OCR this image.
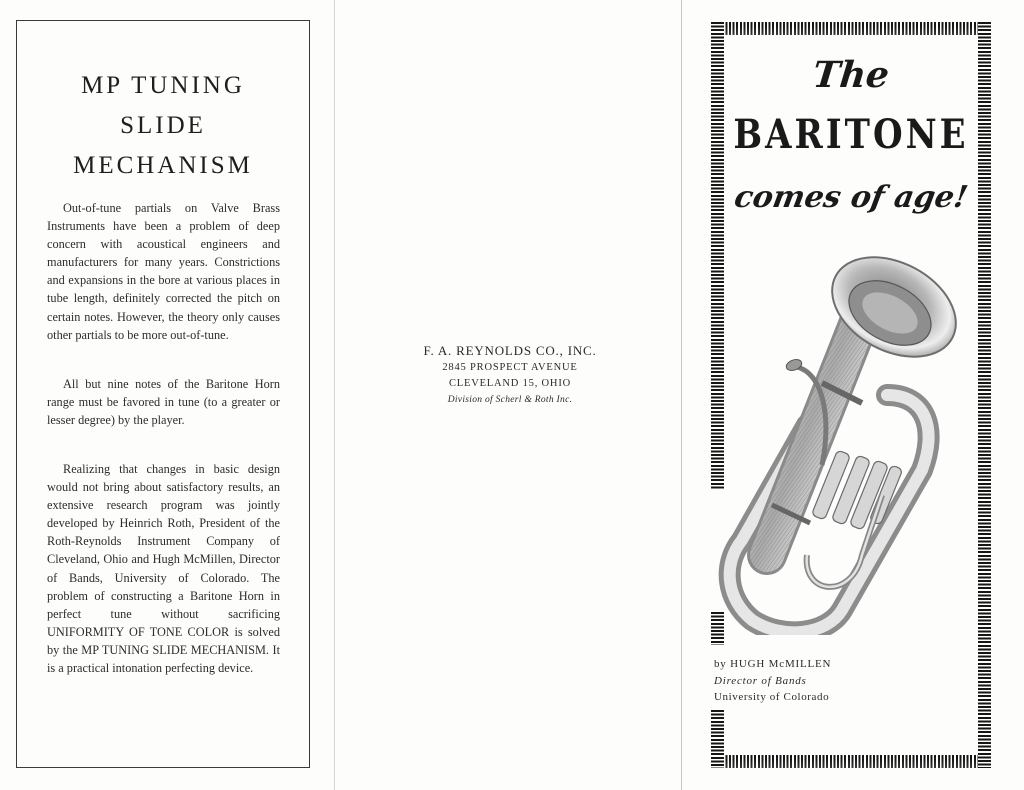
MP TUNING
SLIDE
MECHANISM

Out-of-tune partials on Valve Brass Instruments have been a problem of deep concern with acoustical engineers and manufacturers for many years. Constrictions and expansions in the bore at various places in tube length, definitely corrected the pitch on certain notes. However, the theory only causes other partials to be more out-of-tune.

All but nine notes of the Baritone Horn range must be favored in tune (to a greater or lesser degree) by the player.

Realizing that changes in basic design would not bring about satisfactory results, an extensive research program was jointly developed by Heinrich Roth, President of the Roth-Reynolds Instrument Company of Cleveland, Ohio and Hugh McMillen, Director of Bands, University of Colorado. The problem of constructing a Baritone Horn in perfect tune without sacrificing UNIFORMITY OF TONE COLOR is solved by the MP TUNING SLIDE MECHANISM. It is a practical intonation perfecting device.

F. A. REYNOLDS CO., INC.
2845 PROSPECT AVENUE
CLEVELAND 15, OHIO
Division of Scherl & Roth Inc.
The
BARITONE
comes of age!
by HUGH McMILLEN
Director of Bands
University of Colorado
